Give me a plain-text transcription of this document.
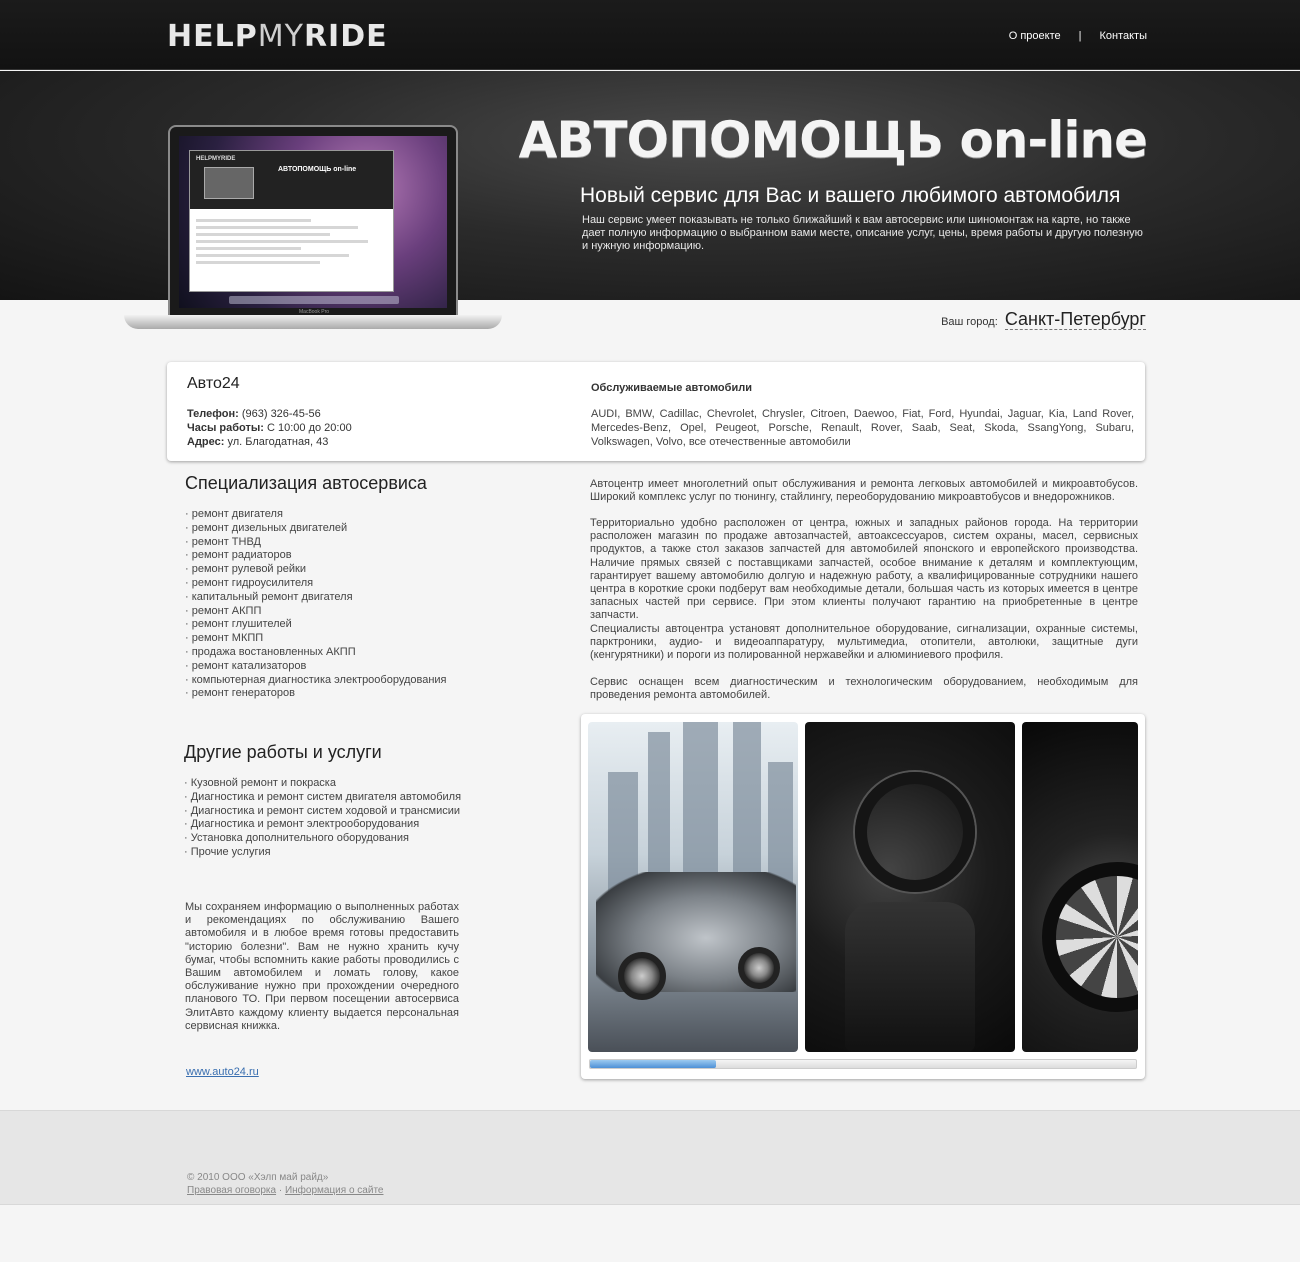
HELPMYRIDE	О проекте | Контакты
АВТОПОМОЩЬ on-line
Новый сервис для Вас и вашего любимого автомобиля
Наш сервис умеет показывать не только ближайший к вам автосервис или шиномонтаж на карте, но также дает полную информацию о выбранном вами месте, описание услуг, цены, время работы и другую полезную и нужную информацию.
HELPMYRIDE
АВТОПОМОЩЬ on-line
MacBook Pro
Ваш город: Санкт-Петербург
Авто24
Телефон: (963) 326-45-56
Часы работы: С 10:00 до 20:00
Адрес: ул. Благодатная, 43
Обслуживаемые автомобили
AUDI, BMW, Cadillac, Chevrolet, Chrysler, Citroen, Daewoo, Fiat, Ford, Hyundai, Jaguar, Kia, Land Rover, Mercedes-Benz, Opel, Peugeot, Porsche, Renault, Rover, Saab, Seat, Skoda, SsangYong, Subaru, Volkswagen, Volvo, все отечественные автомобили
Специализация автосервиса
· ремонт двигателя
· ремонт дизельных двигателей
· ремонт ТНВД
· ремонт радиаторов
· ремонт рулевой рейки
· ремонт гидроусилителя
· капитальный ремонт двигателя
· ремонт АКПП
· ремонт глушителей
· ремонт МКПП
· продажа востановленных АКПП
· ремонт катализаторов
· компьютерная диагностика электрооборудования
· ремонт генераторов
Другие работы и услуги
· Кузовной ремонт и покраска
· Диагностика и ремонт систем двигателя автомобиля
· Диагностика и ремонт систем ходовой и трансмисии
· Диагностика и ремонт электрооборудования
· Установка дополнительного оборудования
· Прочие услугия
Мы сохраняем информацию о выполненных работах и рекомендациях по обслуживанию Вашего автомобиля и в любое время готовы предоставить "историю болезни". Вам не нужно хранить кучу бумаг, чтобы вспомнить какие работы проводились с Вашим автомобилем и ломать голову, какое обслуживание нужно при прохождении очередного планового ТО. При первом посещении автосервиса ЭлитАвто каждому клиенту выдается персональная сервисная книжка.
www.auto24.ru
Автоцентр имеет многолетний опыт обслуживания и ремонта легковых автомобилей и микроавтобусов. Широкий комплекс услуг по тюнингу, стайлингу, переоборудованию микроавтобусов и внедорожников.
Территориально удобно расположен от центра, южных и западных районов города. На территории расположен магазин по продаже автозапчастей, автоаксессуаров, систем охраны, масел, сервисных продуктов, а также стол заказов запчастей для автомобилей японского и европейского производства. Наличие прямых связей с поставщиками запчастей, особое внимание к деталям и комплектующим, гарантирует вашему автомобилю долгую и надежную работу, а квалифицированные сотрудники нашего центра в короткие сроки подберут вам необходимые детали, большая часть из которых имеется в центре запасных частей при сервисе. При этом клиенты получают гарантию на приобретенные в центре запчасти.
Специалисты автоцентра установят дополнительное оборудование, сигнализации, охранные системы, парктроники, аудио- и видеоаппаратуру, мультимедиа, отопители, автолюки, защитные дуги (кенгурятники) и пороги из полированной нержавейки и алюминиевого профиля.
Сервис оснащен всем диагностическим и технологическим оборудованием, необходимым для проведения ремонта автомобилей.
© 2010 ООО «Хэлп май райд»
Правовая оговорка · Информация о сайте
